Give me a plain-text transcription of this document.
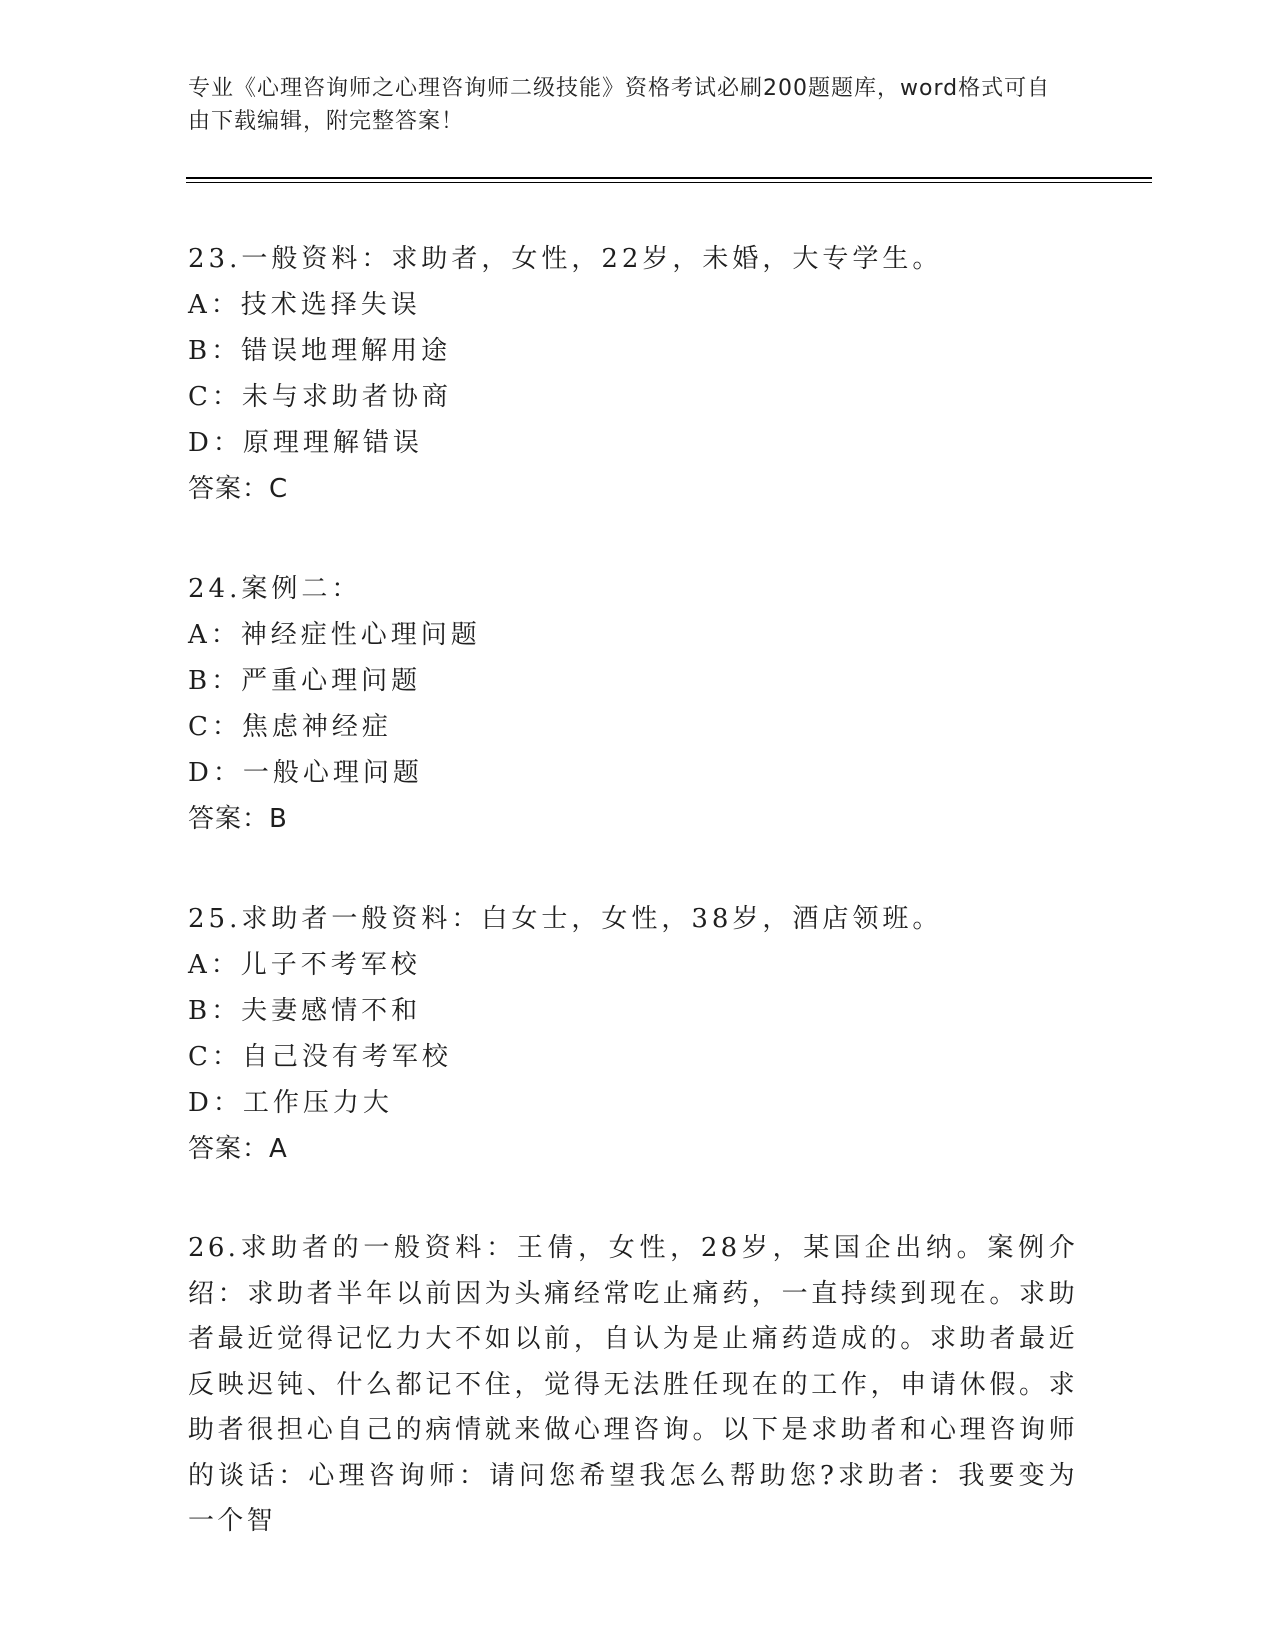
专业《心理咨询师之心理咨询师二级技能》资格考试必刷200题题库，word格式可自由下载编辑，附完整答案！
23.一般资料：求助者，女性，22岁，未婚，大专学生。
A：技术选择失误
B：错误地理解用途
C：未与求助者协商
D：原理理解错误
答案：C
24.案例二：
A：神经症性心理问题
B：严重心理问题
C：焦虑神经症
D：一般心理问题
答案：B
25.求助者一般资料：白女士，女性，38岁，酒店领班。
A：儿子不考军校
B：夫妻感情不和
C：自己没有考军校
D：工作压力大
答案：A
26.求助者的一般资料：王倩，女性，28岁，某国企出纳。案例介绍：求助者半年以前因为头痛经常吃止痛药，一直持续到现在。求助者最近觉得记忆力大不如以前，自认为是止痛药造成的。求助者最近反映迟钝、什么都记不住，觉得无法胜任现在的工作，申请休假。求助者很担心自己的病情就来做心理咨询。以下是求助者和心理咨询师的谈话：心理咨询师：请问您希望我怎么帮助您?求助者：我要变为一个智
